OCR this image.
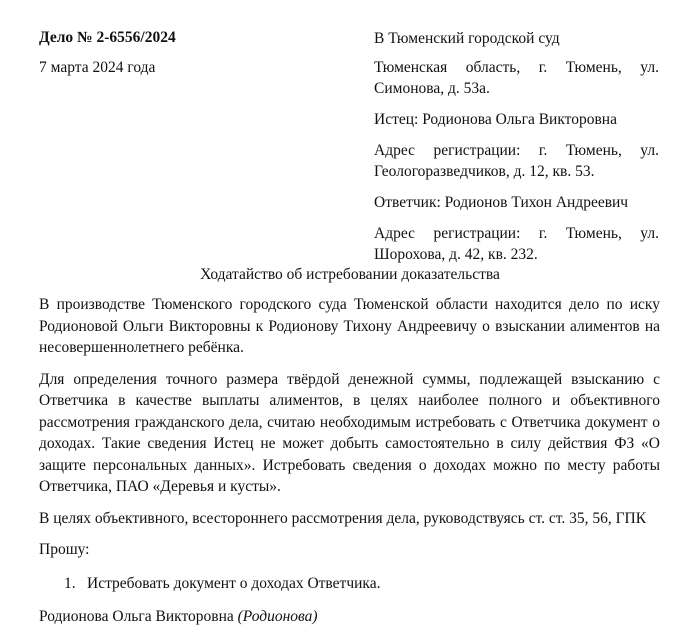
Дело № 2-6556/2024
7 марта 2024 года

В Тюменский городской суд

Тюменская область, г. Тюмень, ул. Симонова, д. 53а.

Истец: Родионова Ольга Викторовна

Адрес регистрации: г. Тюмень, ул. Геологоразведчиков, д. 12, кв. 53.

Ответчик: Родионов Тихон Андреевич

Адрес регистрации: г. Тюмень, ул. Шорохова, д. 42, кв. 232.

Ходатайство об истребовании доказательства

В производстве Тюменского городского суда Тюменской области находится дело по иску Родионовой Ольги Викторовны к Родионову Тихону Андреевичу о взыскании алиментов на несовершеннолетнего ребёнка.

Для определения точного размера твёрдой денежной суммы, подлежащей взысканию с Ответчика в качестве выплаты алиментов, в целях наиболее полного и объективного рассмотрения гражданского дела, считаю необходимым истребовать с Ответчика документ о доходах. Такие сведения Истец не может добыть самостоятельно в силу действия ФЗ «О защите персональных данных». Истребовать сведения о доходах можно по месту работы Ответчика, ПАО «Деревья и кусты».

В целях объективного, всестороннего рассмотрения дела, руководствуясь ст. ст. 35, 56, ГПК

Прошу:

1. Истребовать документ о доходах Ответчика.

Родионова Ольга Викторовна (Родионова)
